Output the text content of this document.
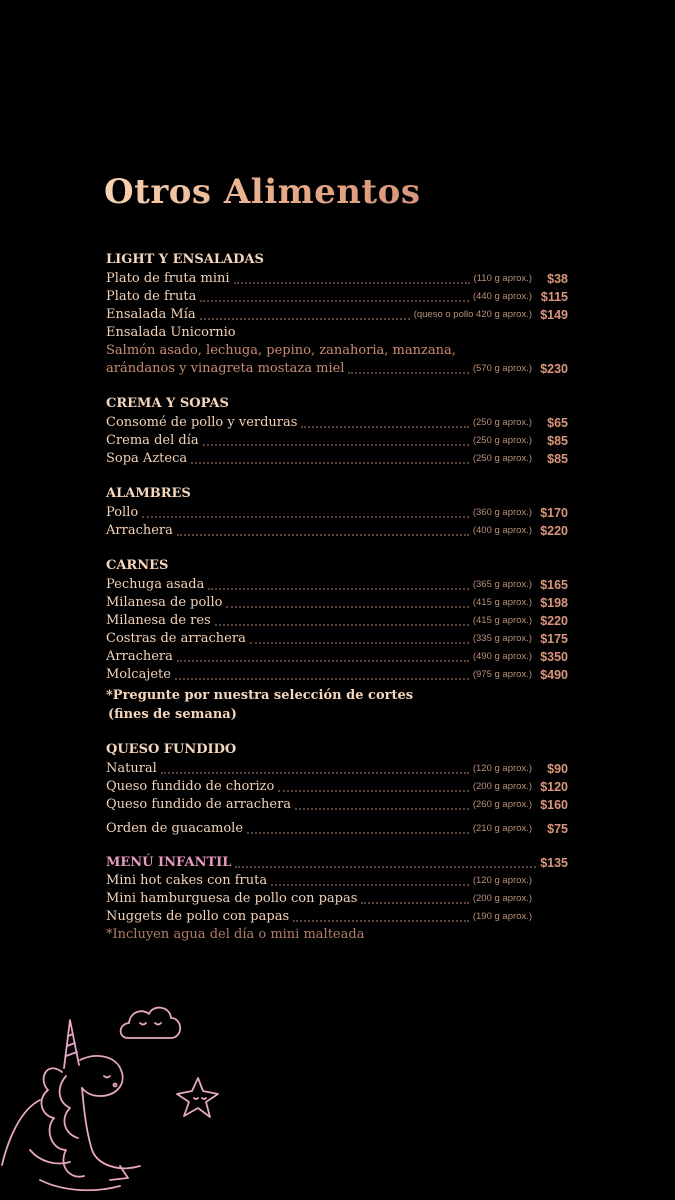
Otros Alimentos
LIGHT Y ENSALADAS
Plato de fruta mini	(110 g aprox.)	$38
Plato de fruta	(440 g aprox.) $115
Ensalada Mía	(queso o pollo 420 g aprox.) $149
Ensalada Unicornio
Salmón asado, lechuga, pepino, zanahoria, manzana,
arándanos y vinagreta mostaza miel	(570 g aprox.) $230
CREMA Y SOPAS
Consomé de pollo y verduras	(250 g aprox.)	$65
Crema del día	(250 g aprox.)	$85
Sopa Azteca	(250 g aprox.)	$85
ALAMBRES
Pollo	(360 g aprox.) $170
Arrachera	(400 g aprox.) $220
CARNES
Pechuga asada	(365 g aprox.) $165
Milanesa de pollo	(415 g aprox.) $198
Milanesa de res	(415 g aprox.) $220
Costras de arrachera	(335 g aprox.) $175
Arrachera	(490 g aprox.) $350
Molcajete	(975 g aprox.) $490
*Pregunte por nuestra selección de cortes
(fines de semana)
QUESO FUNDIDO
Natural	(120 g aprox.)	$90
Queso fundido de chorizo	(200 g aprox.) $120
Queso fundido de arrachera	(260 g aprox.) $160
Orden de guacamole	(210 g aprox.)	$75
MENÚ INFANTIL	$135
Mini hot cakes con fruta	(120 g aprox.)
Mini hamburguesa de pollo con papas	(200 g aprox.)
Nuggets de pollo con papas	(190 g aprox.)
*Incluyen agua del día o mini malteada
